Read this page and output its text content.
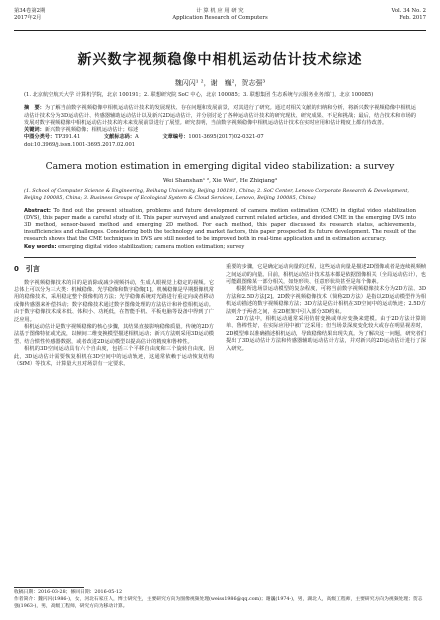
第34卷第2期
2017年2月
计 算 机 应 用 研 究
Application Research of Computers
Vol. 34 No. 2
Feb. 2017
新兴数字视频稳像中相机运动估计技术综述
魏闪闪¹ ²，谢　巍²，贺志强³
(1. 北京航空航天大学 计算机学院，北京 100191；2. 联想研究院 SoC 中心，北京 100085；3. 联想集团 生态系统与云服务业务部门，北京 100085)
摘　要：为了解当前数字视频稳像中相机运动估计技术的发展现状、存在问题和发展前景，对其进行了研究。通过对相关文献的归纳和分析，将新兴数字视频稳像中相机运动估计技术分为3D运动估计、传感器辅助运动估计以及新兴2D运动估计，并分别讨论了各种运动估计技术的研究现状、研究成果、不足和挑战；最后，结合技术和市场的发展对数字视频稳像中相机运动估计技术的未来发展前景进行了展望。研究表明，当前数字视频稳像中相机运动估计技术在实时应用和估计精度上都有待改善。
关键词：新兴数字视频稳像；相机运动估计；综述
中图分类号：TP391.41	文献标志码：A	文章编号：1001-3695(2017)02-0321-07
doi:10.3969/j.issn.1001-3695.2017.02.001
Camera motion estimation in emerging digital video stabilization: a survey
Wei Shanshan¹ ², Xie Wei², He Zhiqiang³
(1. School of Computer Science & Engineering, Beihang University, Beijing 100191, China; 2. SoC Center, Lenovo Corporate Research & Development, Beijing 100085, China; 3. Business Groups of Ecological System & Cloud Services, Lenovo, Beijing 100085, China)
Abstract: To find out the present situation, problems and future development of camera motion estimation (CME) in digital video stabilization (DVS), this paper made a careful study of it. This paper surveyed and analyzed current related articles, and divided CME in the emerging DVS into 3D method, sensor-based method and emerging 2D method. For each method, this paper discussed its research status, achievements, insufficiencies and challenges. Considering both the technology and market factors, this paper prospected its future development. The result of the research shows that the CME techniques in DVS are still needed to be improved both in real-time application and in estimation accuracy.
Key words: emerging digital video stabilization; camera motion estimation; survey
0　引言

数字视频稳像技术的目的是消除或减少视频抖动，生成人眼视觉上稳定的视频。它总体上可以分为三大类：机械稳像、光学稳像和数字稳像[1]。机械稳像是早期摄像机常用的稳像技术，采用稳定整个摄像机的方法；光学稳像系统对光路进行重定向或者移动成像传感器来补偿抖动；数字稳像技术通过数字图像处理的方法估计和补偿相机运动。由于数字稳像技术成本低、体积小、功耗低，在智能手机、平板电脑等设备中得到了广泛应用。

相机运动估计是数字视频稳像的核心步骤，其结果直接影响稳像质量。传统的2D方法基于图像特征或光流，以帧间二维变换模型描述相机运动；新兴方法则采用3D运动模型、结合惯性传感器数据，或者改进2D运动模型以提高估计的精度和鲁棒性。

相机的3D空间运动具有六个自由度，包括三个平移自由度和三个旋转自由度。因此，3D运动估计需要恢复相机在3D空间中的运动轨迹，这通常依赖于运动恢复结构（SfM）等技术，计算量大且对场景有一定要求。

重要的步骤，它是确定运动向量的过程，这些运动向量是描述2D图像或者是连续视频帧之间运动的向量。目前，相机运动估计技术基本都是依据图像相关（全局运动估计），也可能跟图像某一部分相关，如矩形块、任意形状块甚至是每个像素。

根据所选场景运动模型的复杂程度，可将当前数字视频稳像技术分为2D方法、3D方法和2.5D方法[2]。2D数字视频稳像技术（简称2D方法）是指以2D运动模型作为相机运动描述的数字视频稳像方法；3D方法是估计相机在3D空间中的运动轨迹；2.5D方法则介于两者之间，在2D框架中引入部分3D约束。

2D方法中，相机运动通常采用仿射变换或单应变换来建模。由于2D方法计算简单、鲁棒性好，在实际应用中被广泛采用；但当场景深度变化较大或存在明显视差时，2D模型难以准确描述相机运动，导致稳像结果出现失真。为了解决这一问题，研究者们提出了3D运动估计方法和传感器辅助运动估计方法，并对新兴的2D运动估计进行了深入研究。

收稿日期：2016-03-28；修回日期：2016-05-12
作者简介：魏闪闪(1986-)，女，河北石家庄人，博士研究生，主要研究方向为图像视频处理(weiss1986@qq.com)；谢巍(1974-)，男，湖北人，高级工程师，主要研究方向为视频处理；贺志强(1963-)，男，高级工程师，研究方向为移动计算。
